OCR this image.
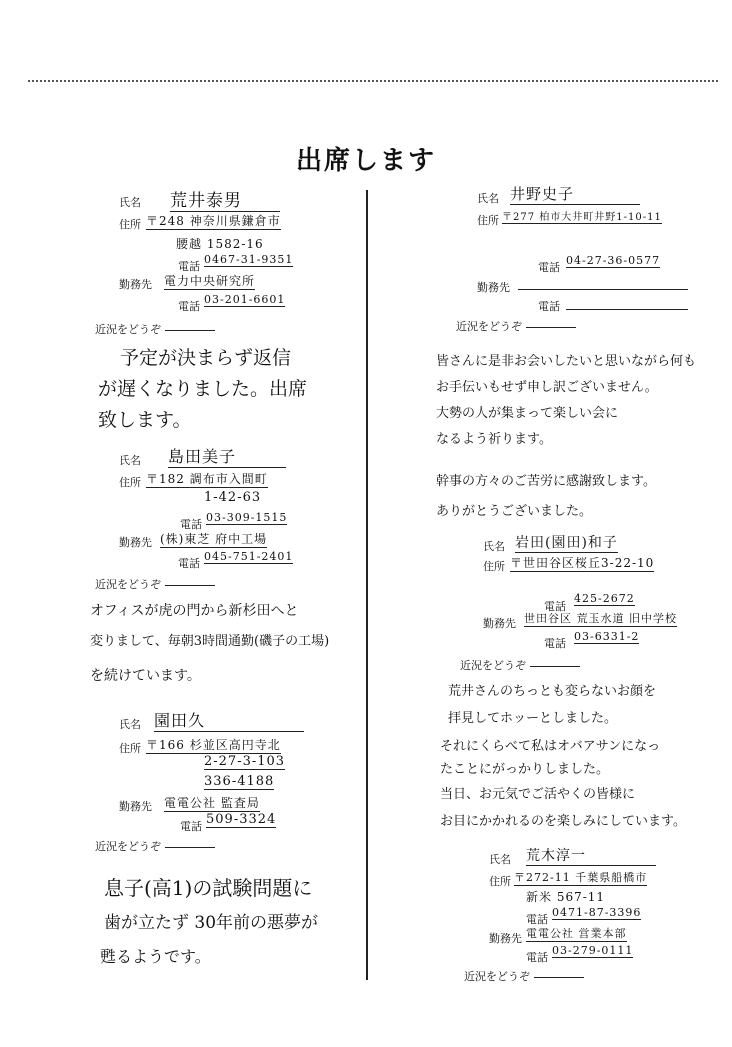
出席します
氏名 荒井泰男
住所 〒248 神奈川県鎌倉市
腰越 1582-16
電話
0467-31-9351
勤務先 電力中央研究所
電話
03-201-6601
近況をどうぞ
予定が決まらず返信
が遅くなりました。出席
致します。
氏名 島田美子
住所 〒182 調布市入間町
1-42-63
電話
03-309-1515
勤務先 (株)東芝 府中工場
電話
045-751-2401
近況をどうぞ
オフィスが虎の門から新杉田へと
変りまして、毎朝3時間通勤(磯子の工場)
を続けています。
氏名 園田久
住所 〒166 杉並区高円寺北
2-27-3-103
336-4188
勤務先 電電公社 監査局
電話 509-3324
近況をどうぞ
息子(高1)の試験問題に
歯が立たず 30年前の悪夢が
甦るようです。
氏名 井野史子
住所 〒277 柏市大井町井野1-10-11
電話
04-27-36-0577
勤務先
電話
近況をどうぞ
皆さんに是非お会いしたいと思いながら何も
お手伝いもせず申し訳ございません。
大勢の人が集まって楽しい会に
なるよう祈ります。
幹事の方々のご苦労に感謝致します。
ありがとうございました。
氏名 岩田(園田)和子
住所 〒世田谷区桜丘3-22-10
電話
425-2672
勤務先 世田谷区 荒玉水道 旧中学校
電話
03-6331-2
近況をどうぞ
荒井さんのちっとも変らないお顔を
拝見してホッーとしました。
それにくらべて私はオバアサンになっ
たことにがっかりしました。
当日、お元気でご活やくの皆様に
お目にかかれるのを楽しみにしています。
氏名 荒木淳一
住所 〒272-11 千葉県船橋市
新米 567-11
電話
0471-87-3396
勤務先 電電公社 営業本部
電話
03-279-0111
近況をどうぞ
